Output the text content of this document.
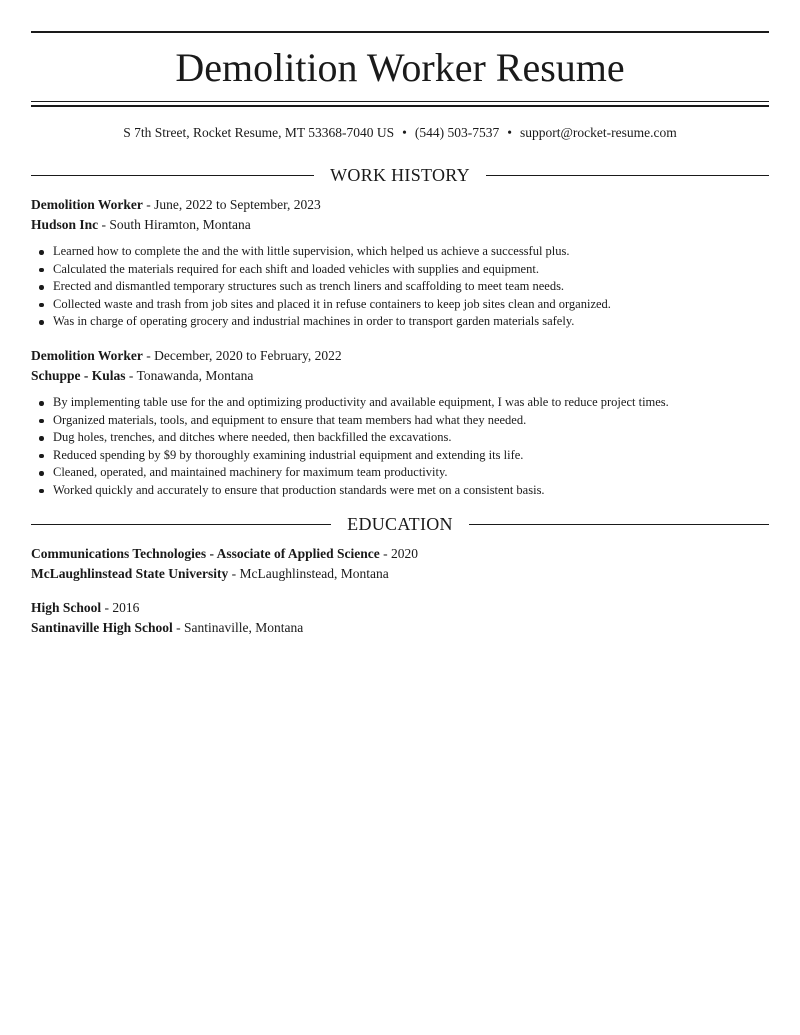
Demolition Worker Resume
S 7th Street, Rocket Resume, MT 53368-7040 US • (544) 503-7537 • support@rocket-resume.com
WORK HISTORY
Demolition Worker - June, 2022 to September, 2023
Hudson Inc - South Hiramton, Montana
Learned how to complete the and the with little supervision, which helped us achieve a successful plus.
Calculated the materials required for each shift and loaded vehicles with supplies and equipment.
Erected and dismantled temporary structures such as trench liners and scaffolding to meet team needs.
Collected waste and trash from job sites and placed it in refuse containers to keep job sites clean and organized.
Was in charge of operating grocery and industrial machines in order to transport garden materials safely.
Demolition Worker - December, 2020 to February, 2022
Schuppe - Kulas - Tonawanda, Montana
By implementing table use for the and optimizing productivity and available equipment, I was able to reduce project times.
Organized materials, tools, and equipment to ensure that team members had what they needed.
Dug holes, trenches, and ditches where needed, then backfilled the excavations.
Reduced spending by $9 by thoroughly examining industrial equipment and extending its life.
Cleaned, operated, and maintained machinery for maximum team productivity.
Worked quickly and accurately to ensure that production standards were met on a consistent basis.
EDUCATION
Communications Technologies - Associate of Applied Science - 2020
McLaughlinstead State University - McLaughlinstead, Montana
High School - 2016
Santinaville High School - Santinaville, Montana
